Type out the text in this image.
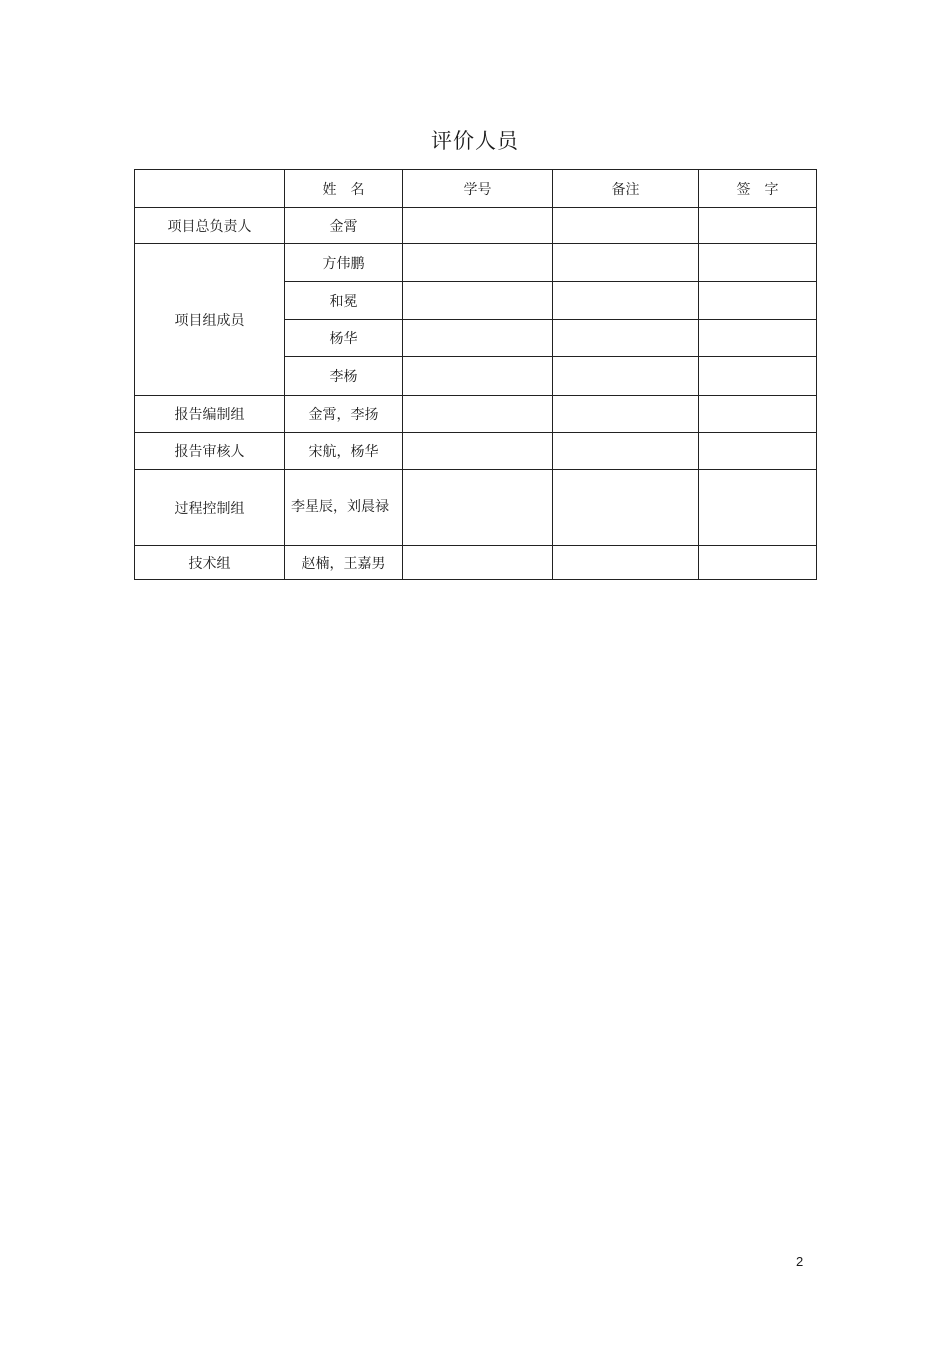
评价人员
	姓　名	学号	备注	签　字
项目总负责人	金霄			
项目组成员	方伟鹏			
	和冕			
	杨华			
	李杨			
报告编制组	金霄，李扬			
报告审核人	宋航，杨华			
过程控制组	李星辰，刘晨禄			
技术组	赵楠，王嘉男			
2
